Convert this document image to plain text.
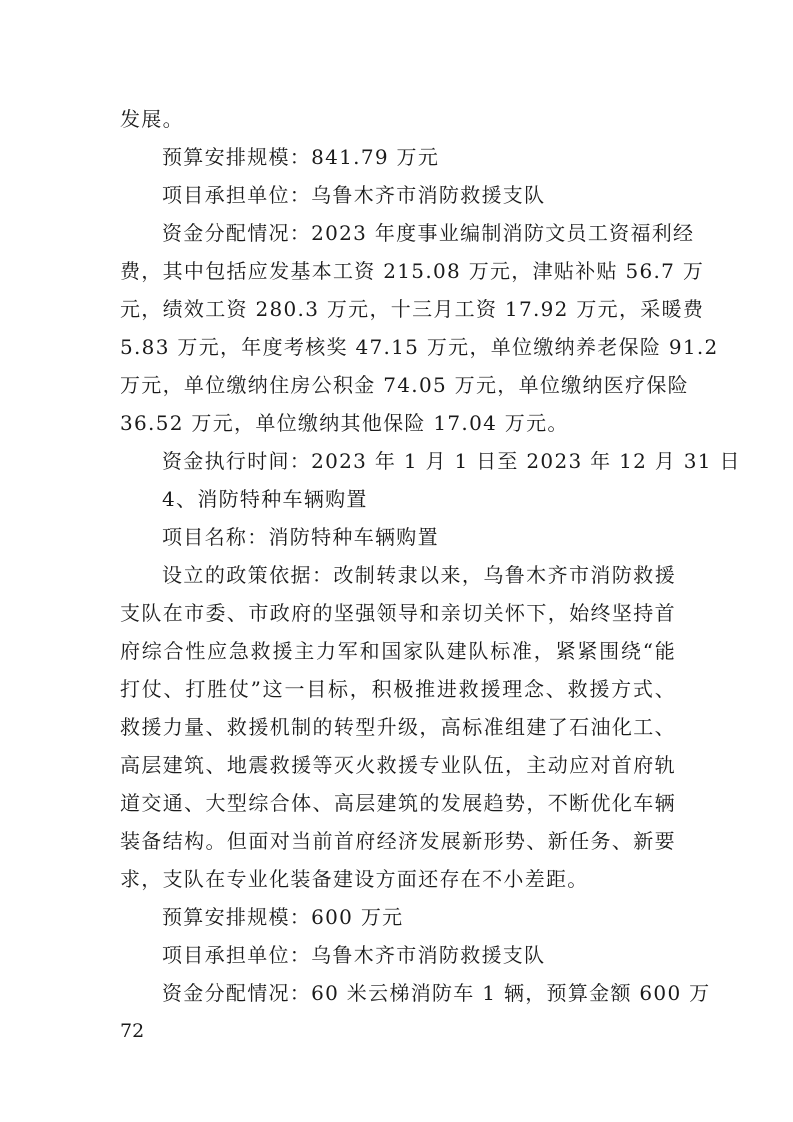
发展。
预算安排规模：841.79 万元
项目承担单位：乌鲁木齐市消防救援支队
资金分配情况：2023 年度事业编制消防文员工资福利经
费，其中包括应发基本工资 215.08 万元，津贴补贴 56.7 万
元，绩效工资 280.3 万元，十三月工资 17.92 万元，采暖费
5.83 万元，年度考核奖 47.15 万元，单位缴纳养老保险 91.2
万元，单位缴纳住房公积金 74.05 万元，单位缴纳医疗保险
36.52 万元，单位缴纳其他保险 17.04 万元。
资金执行时间：2023 年 1 月 1 日至 2023 年 12 月 31 日
4、消防特种车辆购置
项目名称：消防特种车辆购置
设立的政策依据：改制转隶以来，乌鲁木齐市消防救援
支队在市委、市政府的坚强领导和亲切关怀下，始终坚持首
府综合性应急救援主力军和国家队建队标准，紧紧围绕“能
打仗、打胜仗”这一目标，积极推进救援理念、救援方式、
救援力量、救援机制的转型升级，高标准组建了石油化工、
高层建筑、地震救援等灭火救援专业队伍，主动应对首府轨
道交通、大型综合体、高层建筑的发展趋势，不断优化车辆
装备结构。但面对当前首府经济发展新形势、新任务、新要
求，支队在专业化装备建设方面还存在不小差距。
预算安排规模：600 万元
项目承担单位：乌鲁木齐市消防救援支队
资金分配情况：60 米云梯消防车 1 辆，预算金额 600 万
72
